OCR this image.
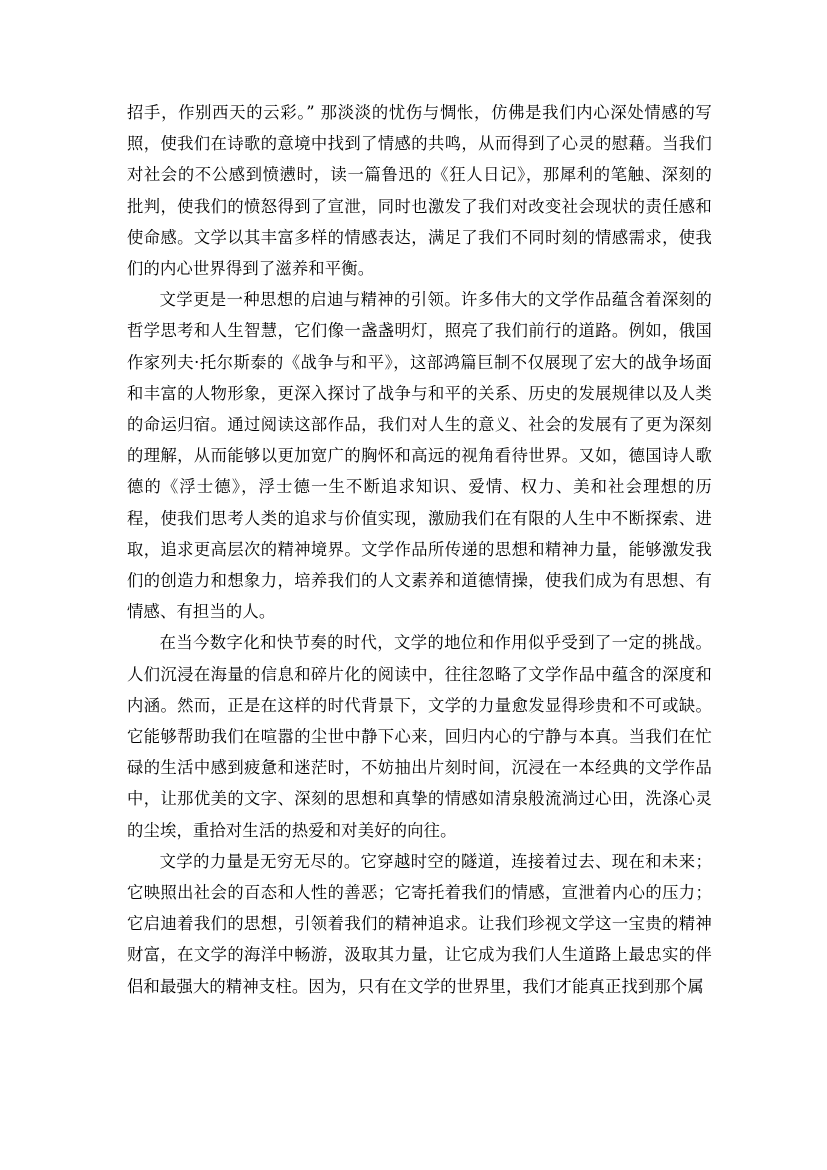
招手，作别西天的云彩。” 那淡淡的忧伤与惆怅，仿佛是我们内心深处情感的写照，使我们在诗歌的意境中找到了情感的共鸣，从而得到了心灵的慰藉。当我们对社会的不公感到愤懑时，读一篇鲁迅的《狂人日记》，那犀利的笔触、深刻的批判，使我们的愤怒得到了宣泄，同时也激发了我们对改变社会现状的责任感和使命感。文学以其丰富多样的情感表达，满足了我们不同时刻的情感需求，使我们的内心世界得到了滋养和平衡。

文学更是一种思想的启迪与精神的引领。许多伟大的文学作品蕴含着深刻的哲学思考和人生智慧，它们像一盏盏明灯，照亮了我们前行的道路。例如，俄国作家列夫·托尔斯泰的《战争与和平》，这部鸿篇巨制不仅展现了宏大的战争场面和丰富的人物形象，更深入探讨了战争与和平的关系、历史的发展规律以及人类的命运归宿。通过阅读这部作品，我们对人生的意义、社会的发展有了更为深刻的理解，从而能够以更加宽广的胸怀和高远的视角看待世界。又如，德国诗人歌德的《浮士德》，浮士德一生不断追求知识、爱情、权力、美和社会理想的历程，使我们思考人类的追求与价值实现，激励我们在有限的人生中不断探索、进取，追求更高层次的精神境界。文学作品所传递的思想和精神力量，能够激发我们的创造力和想象力，培养我们的人文素养和道德情操，使我们成为有思想、有情感、有担当的人。

在当今数字化和快节奏的时代，文学的地位和作用似乎受到了一定的挑战。人们沉浸在海量的信息和碎片化的阅读中，往往忽略了文学作品中蕴含的深度和内涵。然而，正是在这样的时代背景下，文学的力量愈发显得珍贵和不可或缺。它能够帮助我们在喧嚣的尘世中静下心来，回归内心的宁静与本真。当我们在忙碌的生活中感到疲惫和迷茫时，不妨抽出片刻时间，沉浸在一本经典的文学作品中，让那优美的文字、深刻的思想和真挚的情感如清泉般流淌过心田，洗涤心灵的尘埃，重拾对生活的热爱和对美好的向往。

文学的力量是无穷无尽的。它穿越时空的隧道，连接着过去、现在和未来；它映照出社会的百态和人性的善恶；它寄托着我们的情感，宣泄着内心的压力；它启迪着我们的思想，引领着我们的精神追求。让我们珍视文学这一宝贵的精神财富，在文学的海洋中畅游，汲取其力量，让它成为我们人生道路上最忠实的伴侣和最强大的精神支柱。因为，只有在文学的世界里，我们才能真正找到那个属
